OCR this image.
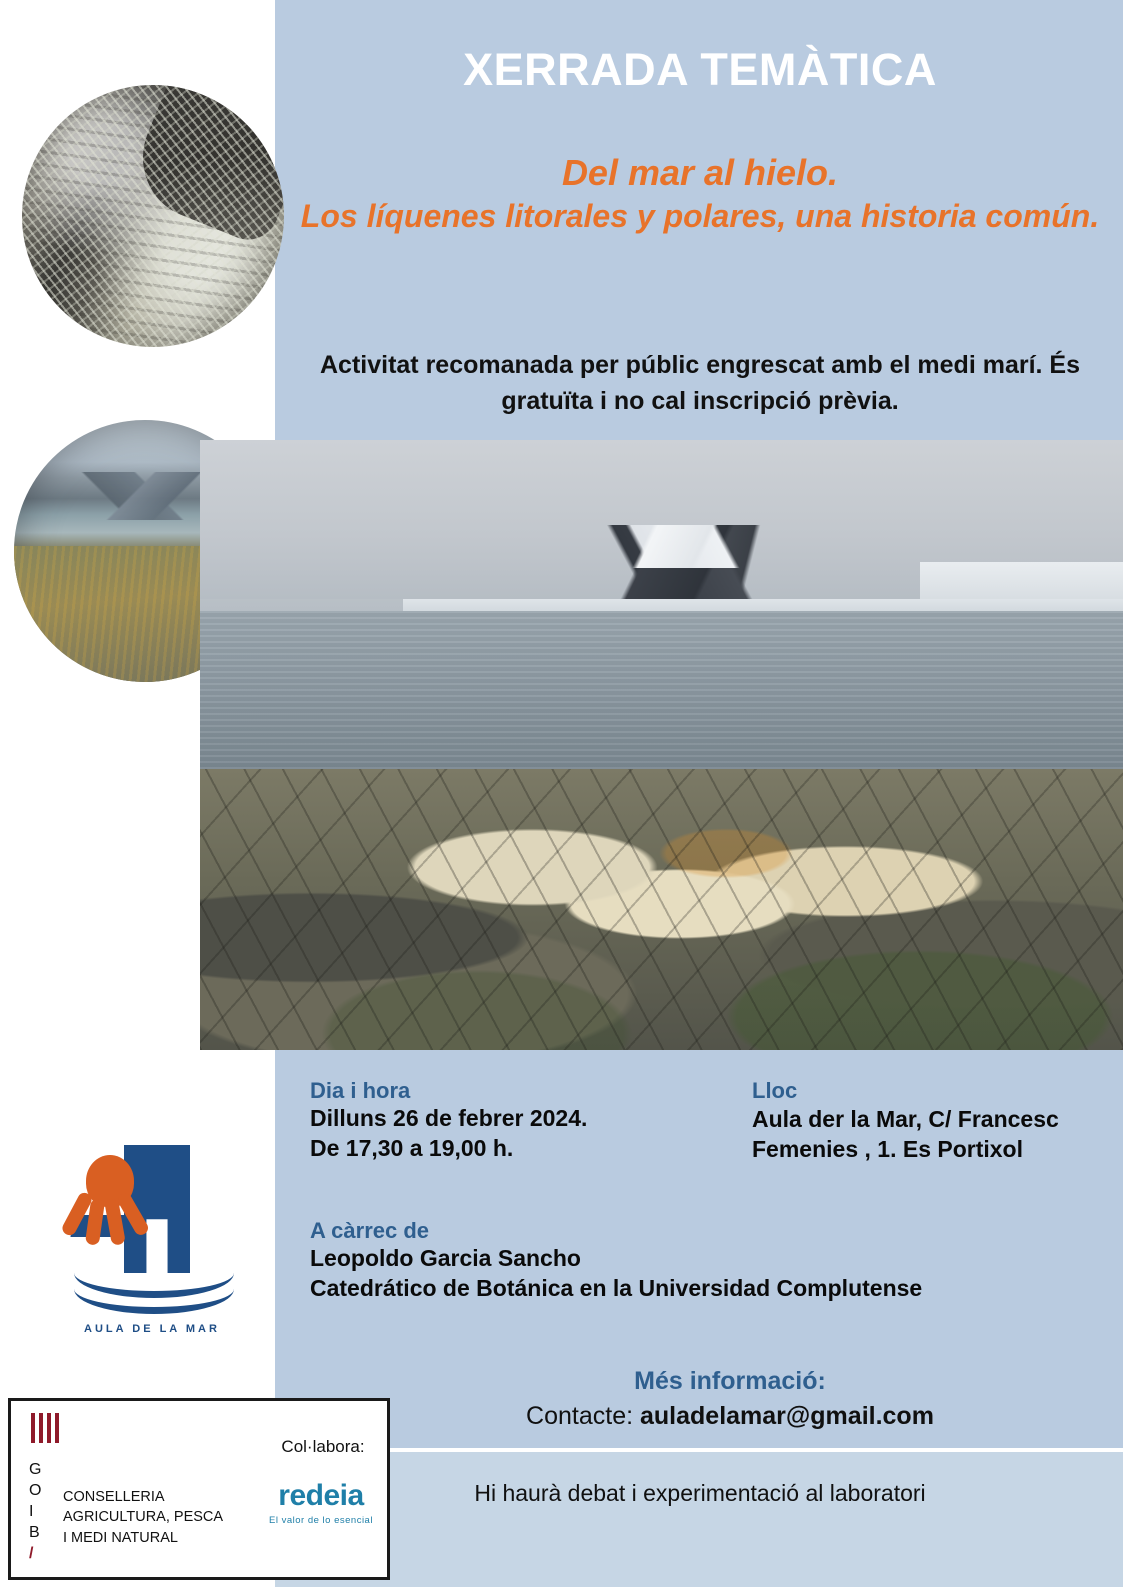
XERRADA TEMÀTICA
Del mar al hielo.
Los líquenes litorales y polares, una historia común.
Activitat recomanada per públic engrescat amb el medi marí. És gratuïta i no cal inscripció prèvia.
AULA DE LA MAR
Dia i hora
Dilluns 26 de febrer 2024.
De 17,30 a 19,00 h.
Lloc
Aula der la Mar, C/ Francesc Femenies , 1. Es Portixol
A càrrec de
Leopoldo Garcia Sancho
Catedrático de Botánica en la Universidad Complutense
Més informació:
Contacte: auladelamar@gmail.com
Hi haurà debat i experimentació al laboratori
G
O
I
B
/
CONSELLERIA
AGRICULTURA, PESCA
I MEDI NATURAL
Col·labora:
redeia
El valor de lo esencial
